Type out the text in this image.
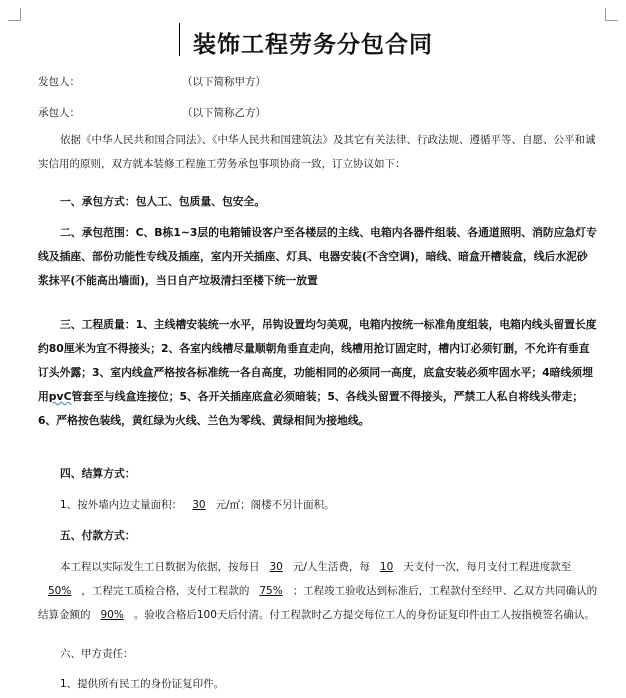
装饰工程劳务分包合同
发包人：	（以下简称甲方）
承包人：	（以下简称乙方）
依据《中华人民共和国合同法》、《中华人民共和国建筑法》及其它有关法律、行政法规、遵循平等、自愿、公平和诚实信用的原则，双方就本装修工程施工劳务承包事项协商一致，订立协议如下：
一、承包方式：包人工、包质量、包安全。
二、承包范围：C、B栋1~3层的电箱铺设客户至各楼层的主线、电箱内各器件组装、各通道照明、消防应急灯专线及插座、部份功能性专线及插座，室内开关插座、灯具、电器安装(不含空调)，暗线、暗盒开槽装盒，线后水泥砂浆抹平(不能高出墙面)，当日自产垃圾清扫至楼下统一放置
三、工程质量：1、主线槽安装统一水平，吊钩设置均匀美观，电箱内按统一标准角度组装，电箱内线头留置长度约80厘米为宜不得接头；2、各室内线槽尽量顺朝角垂直走向，线槽用抢订固定时，槽内订必须钉删，不允许有垂直订头外露；3、室内线盒严格按各标准统一各自高度，功能相同的必须同一高度，底盒安装必须牢固水平；4暗线须埋用pvC管套至与线盒连接位；5、各开关插座底盒必须暗装；5、各线头留置不得接头，严禁工人私自将线头带走；6、严格按色装线，黄红绿为火线、兰色为零线、黄绿相间为接地线。
四、结算方式：
1、按外墙内边丈量面积： 30 元/㎡；阁楼不另计面积。
五、付款方式：
本工程以实际发生工日数据为依据，按每日 30 元/人生活费，每 10 天支付一次，每月支付工程进度款至50% ，工程完工质检合格，支付工程款的 75% ；工程竣工验收达到标准后，工程款付至经甲、乙双方共同确认的结算金额的 90% 。验收合格后100天后付清。付工程款时乙方提交每位工人的身份证复印件由工人按指模签名确认。
六、甲方责任：
1、提供所有民工的身份证复印件。
